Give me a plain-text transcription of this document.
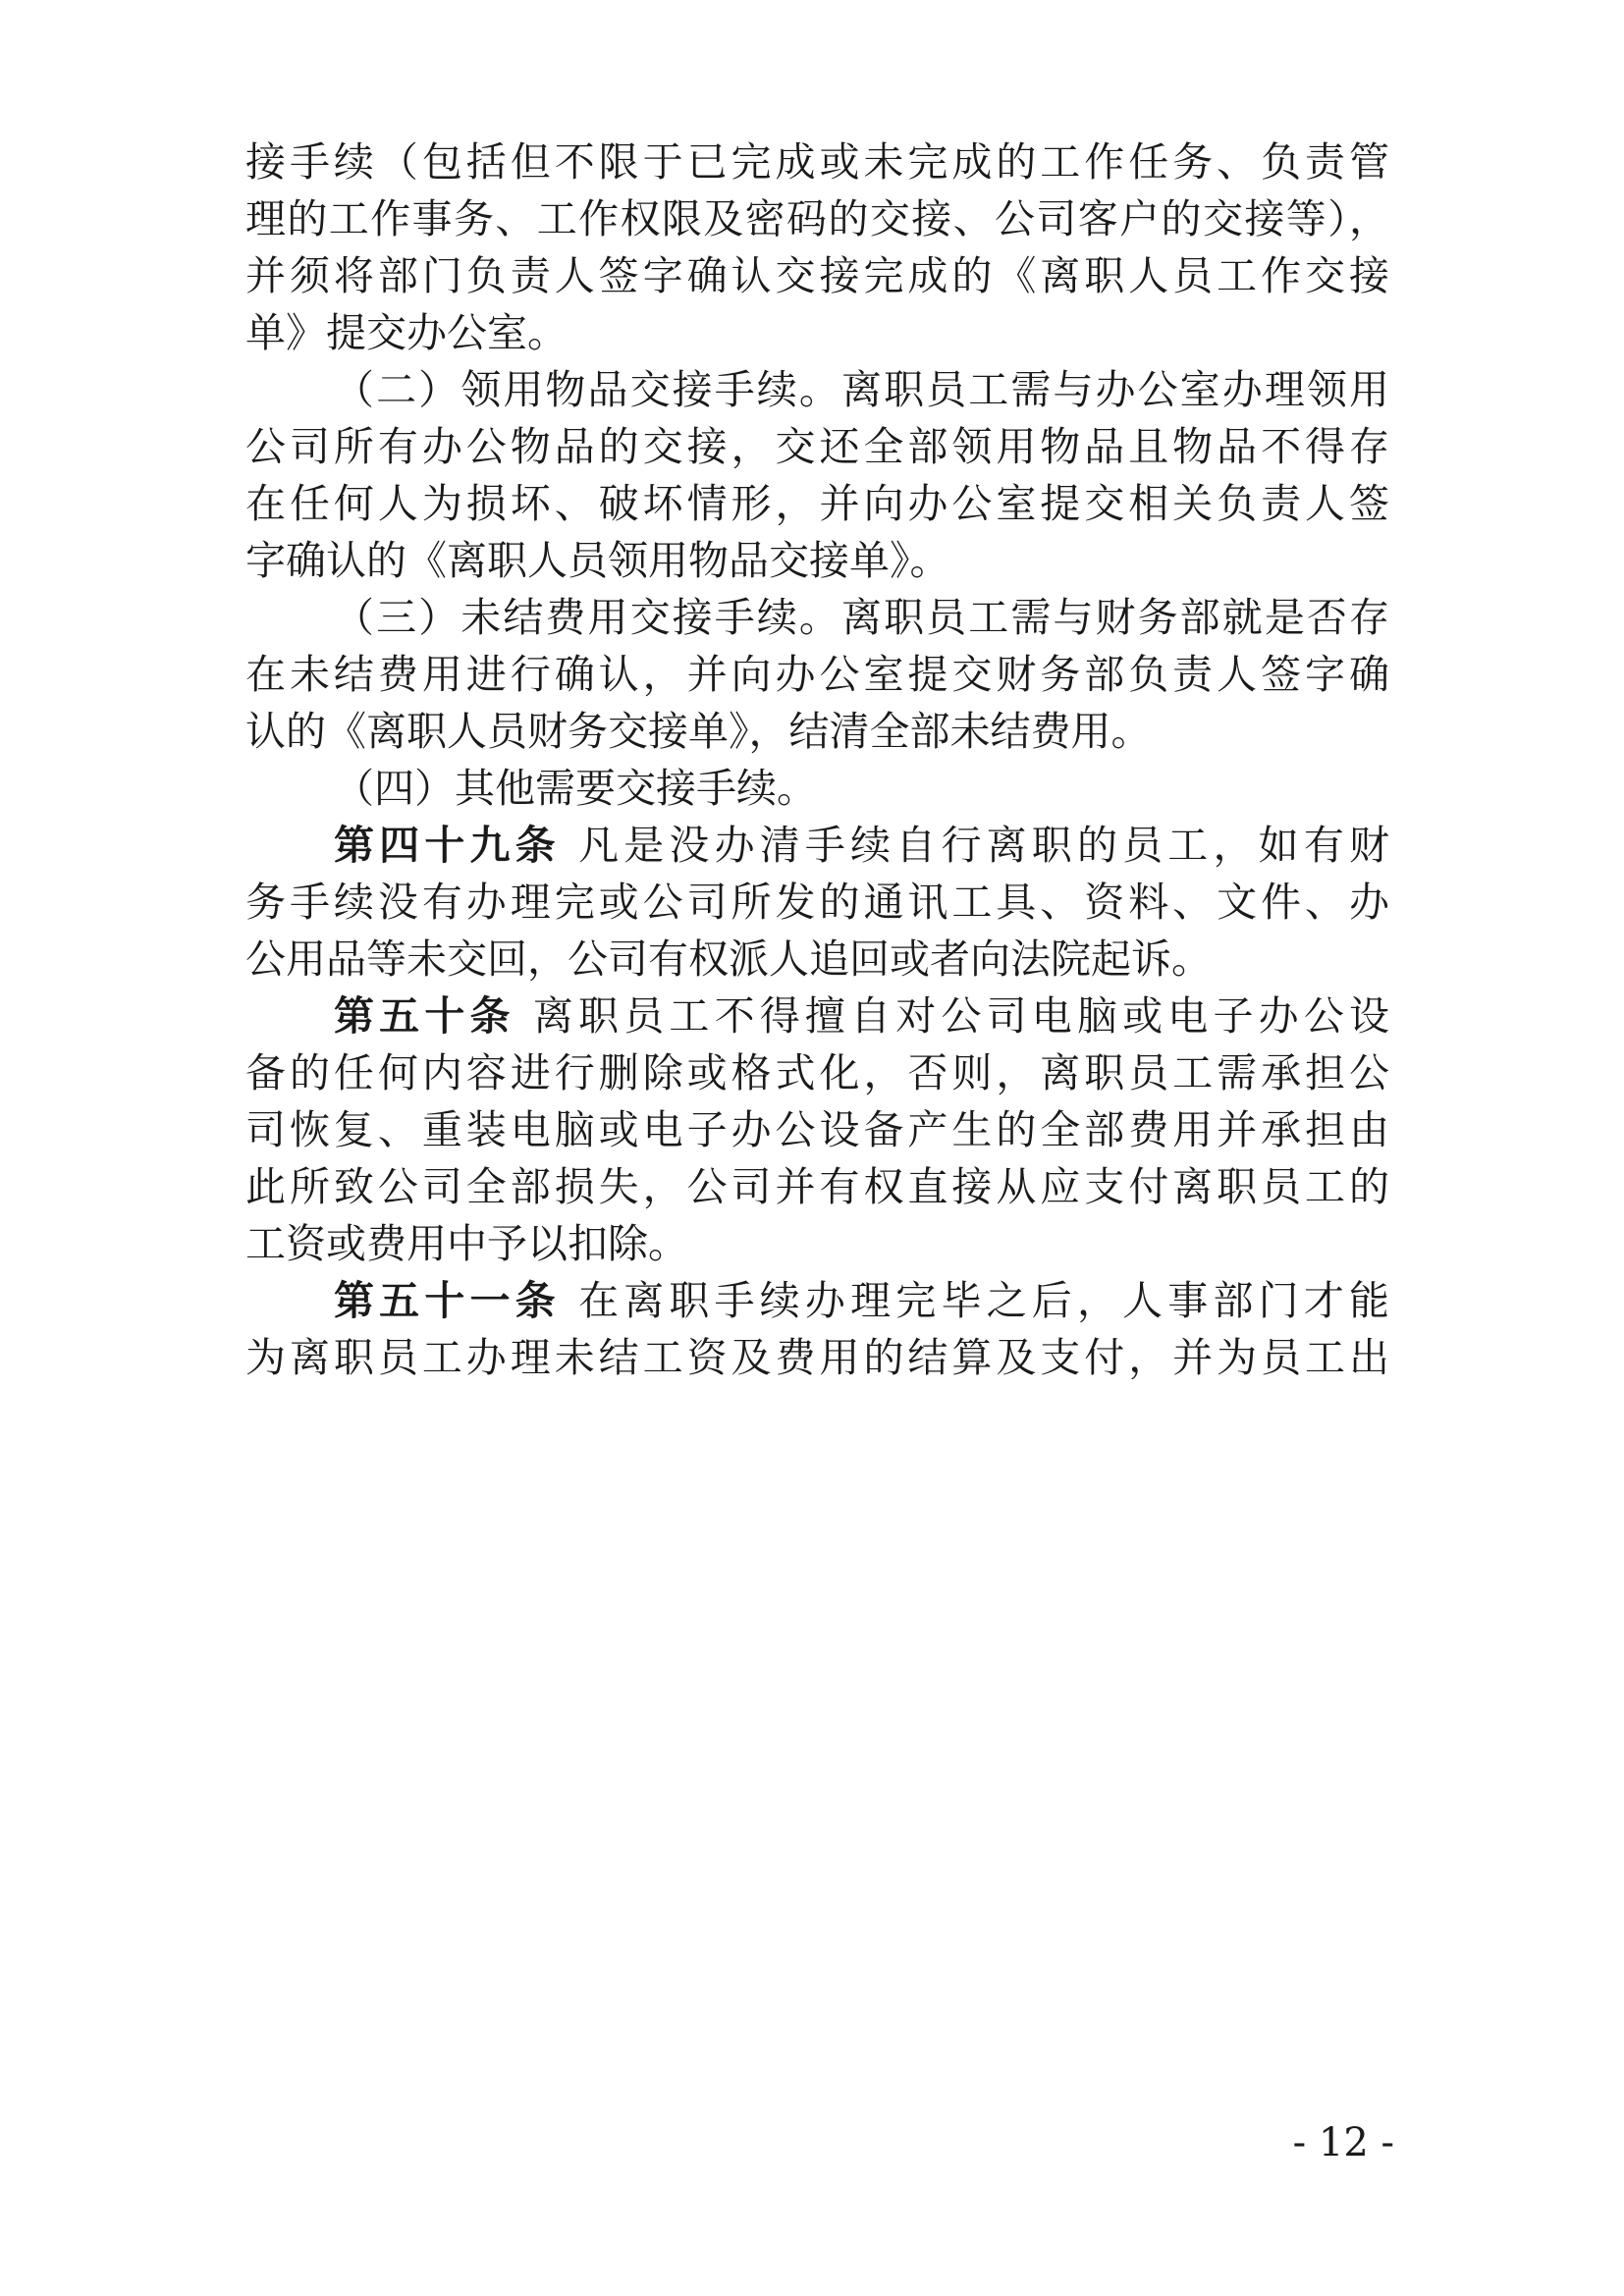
接手续（包括但不限于已完成或未完成的工作任务、负责管
理的工作事务、工作权限及密码的交接、公司客户的交接等），
并须将部门负责人签字确认交接完成的《离职人员工作交接
单》提交办公室。
（二）领用物品交接手续。离职员工需与办公室办理领用
公司所有办公物品的交接，交还全部领用物品且物品不得存
在任何人为损坏、破坏情形，并向办公室提交相关负责人签
字确认的《离职人员领用物品交接单》。
（三）未结费用交接手续。离职员工需与财务部就是否存
在未结费用进行确认，并向办公室提交财务部负责人签字确
认的《离职人员财务交接单》，结清全部未结费用。
（四）其他需要交接手续。
第四十九条 凡是没办清手续自行离职的员工，如有财
务手续没有办理完或公司所发的通讯工具、资料、文件、办
公用品等未交回，公司有权派人追回或者向法院起诉。
第五十条 离职员工不得擅自对公司电脑或电子办公设
备的任何内容进行删除或格式化，否则，离职员工需承担公
司恢复、重装电脑或电子办公设备产生的全部费用并承担由
此所致公司全部损失，公司并有权直接从应支付离职员工的
工资或费用中予以扣除。
第五十一条 在离职手续办理完毕之后，人事部门才能
为离职员工办理未结工资及费用的结算及支付，并为员工出
- 12 -
